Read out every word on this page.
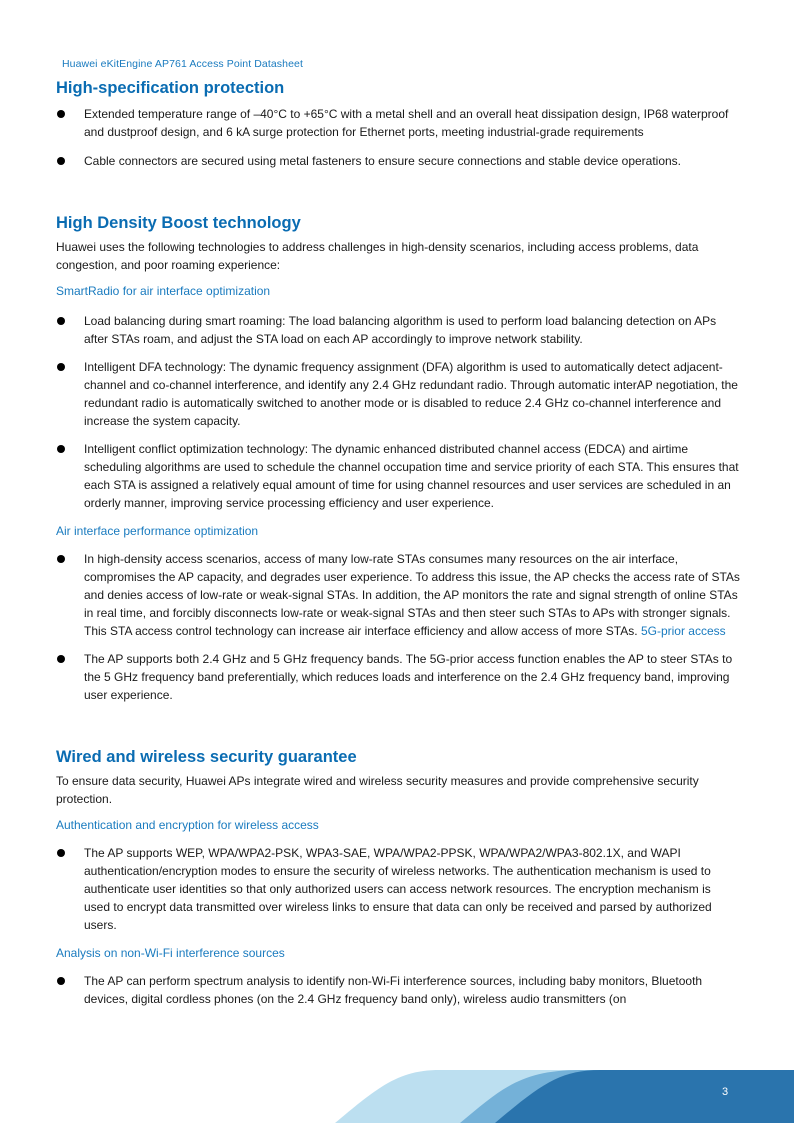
Huawei eKitEngine AP761 Access Point Datasheet
High-specification protection
Extended temperature range of –40°C to +65°C with a metal shell and an overall heat dissipation design, IP68 waterproof and dustproof design, and 6 kA surge protection for Ethernet ports, meeting industrial-grade requirements
Cable connectors are secured using metal fasteners to ensure secure connections and stable device operations.
High Density Boost technology

Huawei uses the following technologies to address challenges in high-density scenarios, including access problems, data congestion, and poor roaming experience:

SmartRadio for air interface optimization

Load balancing during smart roaming: The load balancing algorithm is used to perform load balancing detection on APs after STAs roam, and adjust the STA load on each AP accordingly to improve network stability.
Intelligent DFA technology: The dynamic frequency assignment (DFA) algorithm is used to automatically detect adjacent-channel and co-channel interference, and identify any 2.4 GHz redundant radio. Through automatic interAP negotiation, the redundant radio is automatically switched to another mode or is disabled to reduce 2.4 GHz co-channel interference and increase the system capacity.
Intelligent conflict optimization technology: The dynamic enhanced distributed channel access (EDCA) and airtime scheduling algorithms are used to schedule the channel occupation time and service priority of each STA. This ensures that each STA is assigned a relatively equal amount of time for using channel resources and user services are scheduled in an orderly manner, improving service processing efficiency and user experience.

Air interface performance optimization

In high-density access scenarios, access of many low-rate STAs consumes many resources on the air interface, compromises the AP capacity, and degrades user experience. To address this issue, the AP checks the access rate of STAs and denies access of low-rate or weak-signal STAs. In addition, the AP monitors the rate and signal strength of online STAs in real time, and forcibly disconnects low-rate or weak-signal STAs and then steer such STAs to APs with stronger signals. This STA access control technology can increase air interface efficiency and allow access of more STAs. 5G-prior access
The AP supports both 2.4 GHz and 5 GHz frequency bands. The 5G-prior access function enables the AP to steer STAs to the 5 GHz frequency band preferentially, which reduces loads and interference on the 2.4 GHz frequency band, improving user experience.
Wired and wireless security guarantee

To ensure data security, Huawei APs integrate wired and wireless security measures and provide comprehensive security protection.

Authentication and encryption for wireless access

The AP supports WEP, WPA/WPA2-PSK, WPA3-SAE, WPA/WPA2-PPSK, WPA/WPA2/WPA3-802.1X, and WAPI authentication/encryption modes to ensure the security of wireless networks. The authentication mechanism is used to authenticate user identities so that only authorized users can access network resources. The encryption mechanism is used to encrypt data transmitted over wireless links to ensure that data can only be received and parsed by authorized users.

Analysis on non-Wi-Fi interference sources

The AP can perform spectrum analysis to identify non-Wi-Fi interference sources, including baby monitors, Bluetooth devices, digital cordless phones (on the 2.4 GHz frequency band only), wireless audio transmitters (on
3
